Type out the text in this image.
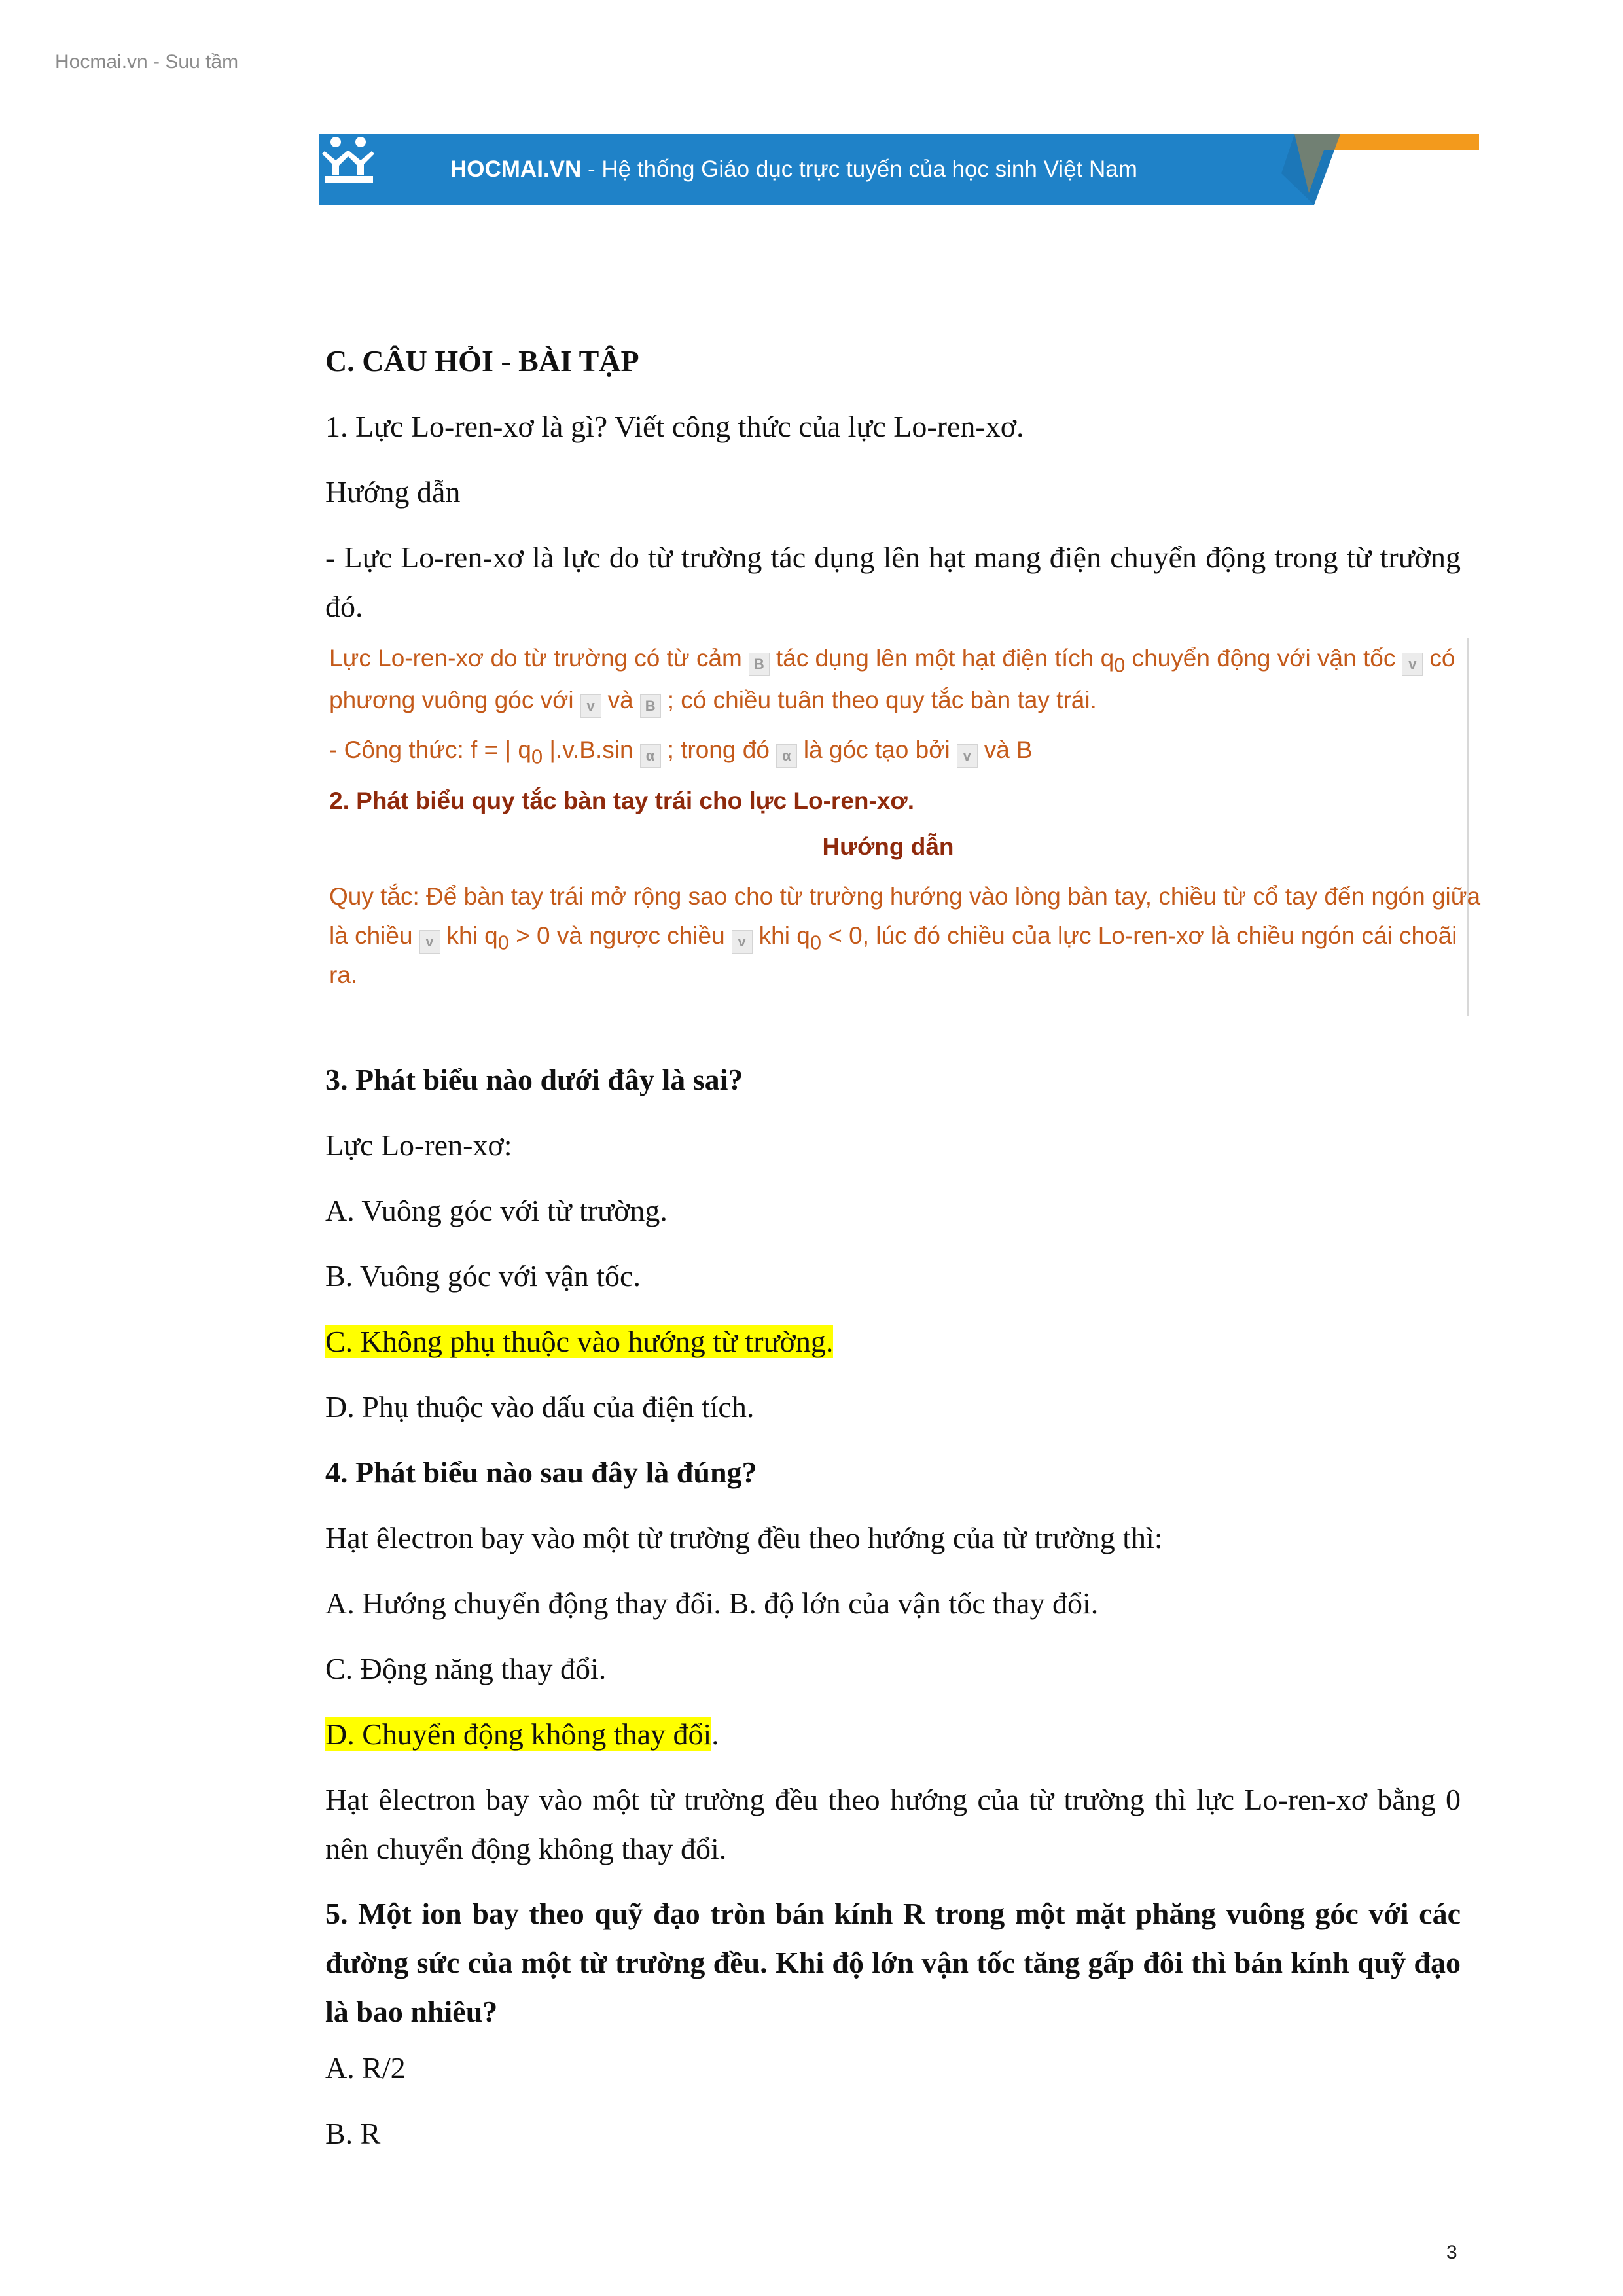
Hocmai.vn - Suu tầm
HOCMAI.VN - Hệ thống Giáo dục trực tuyến của học sinh Việt Nam

C. CÂU HỎI - BÀI TẬP

1. Lực Lo-ren-xơ là gì? Viết công thức của lực Lo-ren-xơ.

Hướng dẫn

- Lực Lo-ren-xơ là lực do từ trường tác dụng lên hạt mang điện chuyển động trong từ trường đó.

Lực Lo-ren-xơ do từ trường có từ cảm B tác dụng lên một hạt điện tích $q_0$ chuyển động với vận tốc v có
phương vuông góc với v và B ; có chiều tuân theo quy tắc bàn tay trái.
- Công thức: f = | $q_0$ |.v.B.sin α ; trong đó α là góc tạo bởi v và B
2. Phát biểu quy tắc bàn tay trái cho lực Lo-ren-xơ.
Hướng dẫn
Quy tắc: Để bàn tay trái mở rộng sao cho từ trường hướng vào lòng bàn tay, chiều từ cổ tay đến ngón giữa
là chiều v khi $q_0 > 0$ và ngược chiều v khi $q_0 < 0$, lúc đó chiều của lực Lo-ren-xơ là chiều ngón cái choãi
ra.

3. Phát biểu nào dưới đây là sai?

Lực Lo-ren-xơ:

A. Vuông góc với từ trường.

B. Vuông góc với vận tốc.

C. Không phụ thuộc vào hướng từ trường.

D. Phụ thuộc vào dấu của điện tích.

4. Phát biểu nào sau đây là đúng?

Hạt êlectron bay vào một từ trường đều theo hướng của từ trường thì:

A. Hướng chuyển động thay đổi. B. độ lớn của vận tốc thay đổi.

C. Động năng thay đổi.

D. Chuyển động không thay đổi.

Hạt êlectron bay vào một từ trường đều theo hướng của từ trường thì lực Lo-ren-xơ bằng 0 nên chuyển động không thay đổi.

5. Một ion bay theo quỹ đạo tròn bán kính R trong một mặt phăng vuông góc với các đường sức của một từ trường đều. Khi độ lớn vận tốc tăng gấp đôi thì bán kính quỹ đạo là bao nhiêu?

A. R/2

B. R

3
